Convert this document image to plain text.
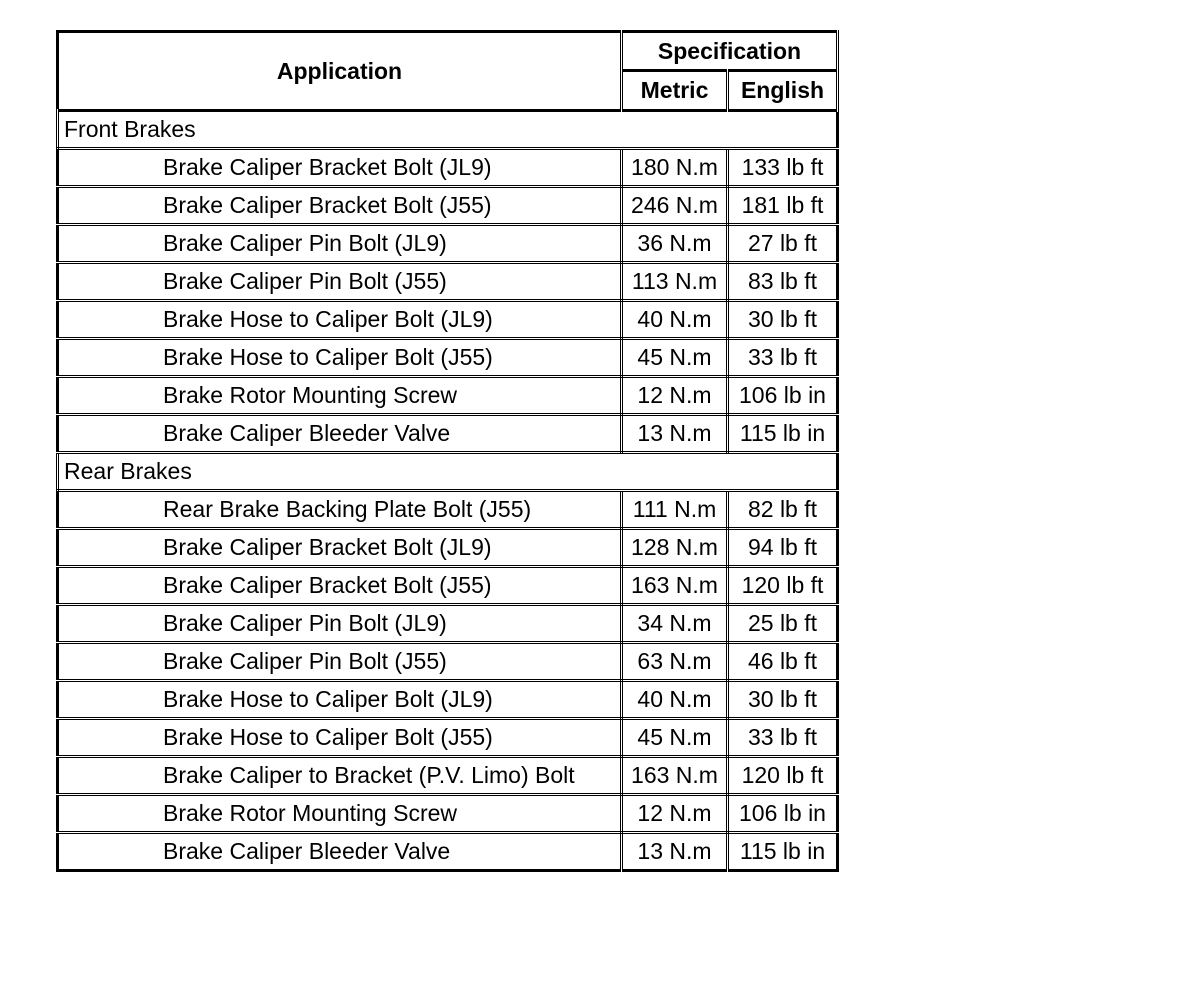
Application	Specification	
	Metric	English
Front Brakes		
Brake Caliper Bracket Bolt (JL9)	180 N.m	133 lb ft
Brake Caliper Bracket Bolt (J55)	246 N.m	181 lb ft
Brake Caliper Pin Bolt (JL9)	36 N.m	27 lb ft
Brake Caliper Pin Bolt (J55)	113 N.m	83 lb ft
Brake Hose to Caliper Bolt (JL9)	40 N.m	30 lb ft
Brake Hose to Caliper Bolt (J55)	45 N.m	33 lb ft
Brake Rotor Mounting Screw	12 N.m	106 lb in
Brake Caliper Bleeder Valve	13 N.m	115 lb in
Rear Brakes		
Rear Brake Backing Plate Bolt (J55)	111 N.m	82 lb ft
Brake Caliper Bracket Bolt (JL9)	128 N.m	94 lb ft
Brake Caliper Bracket Bolt (J55)	163 N.m	120 lb ft
Brake Caliper Pin Bolt (JL9)	34 N.m	25 lb ft
Brake Caliper Pin Bolt (J55)	63 N.m	46 lb ft
Brake Hose to Caliper Bolt (JL9)	40 N.m	30 lb ft
Brake Hose to Caliper Bolt (J55)	45 N.m	33 lb ft
Brake Caliper to Bracket (P.V. Limo) Bolt	163 N.m	120 lb ft
Brake Rotor Mounting Screw	12 N.m	106 lb in
Brake Caliper Bleeder Valve	13 N.m	115 lb in
